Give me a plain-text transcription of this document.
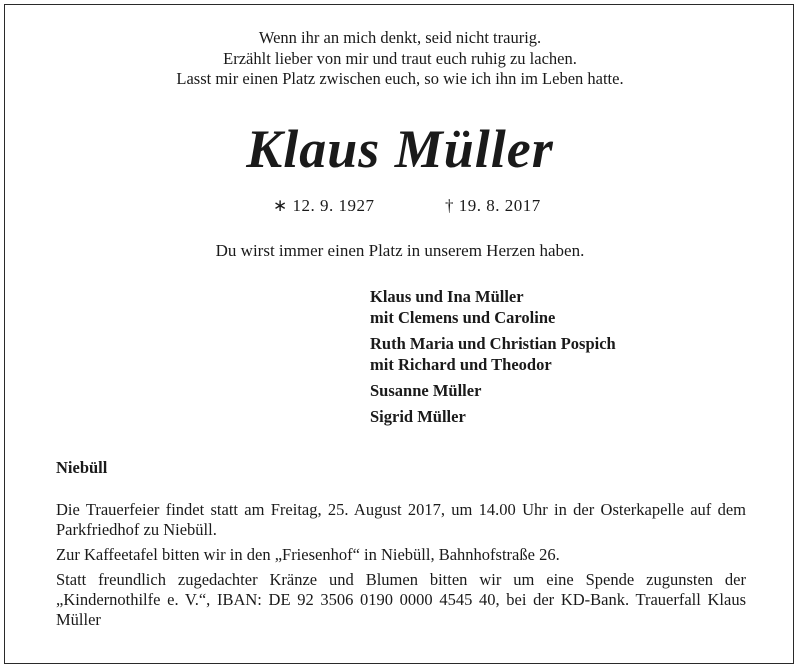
Wenn ihr an mich denkt, seid nicht traurig.
Erzählt lieber von mir und traut euch ruhig zu lachen.
Lasst mir einen Platz zwischen euch, so wie ich ihn im Leben hatte.
Klaus Müller
∗ 12. 9. 1927	† 19. 8. 2017
Du wirst immer einen Platz in unserem Herzen haben.
Klaus und Ina Müller
mit Clemens und Caroline
Ruth Maria und Christian Pospich
mit Richard und Theodor
Susanne Müller
Sigrid Müller
Niebüll

Die Trauerfeier findet statt am Freitag, 25. August 2017, um 14.00 Uhr in der Osterkapelle auf dem Parkfriedhof zu Niebüll.

Zur Kaffeetafel bitten wir in den „Friesenhof“ in Niebüll, Bahnhofstraße 26.

Statt freundlich zugedachter Kränze und Blumen bitten wir um eine Spende zugunsten der „Kindernothilfe e. V.“, IBAN: DE 92 3506 0190 0000 4545 40, bei der KD-Bank. Trauerfall Klaus Müller
